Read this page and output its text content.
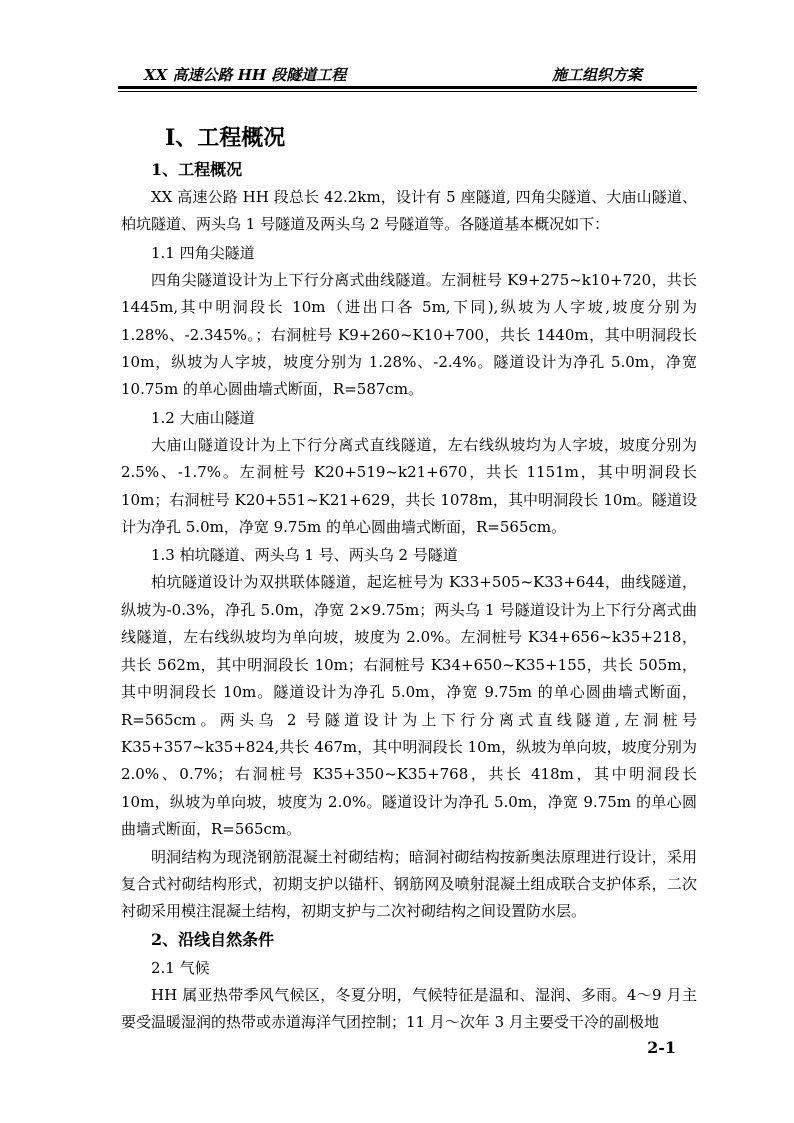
XX 高速公路 HH 段隧道工程	施工组织方案
Ⅰ、工程概况
1、工程概况

XX 高速公路 HH 段总长 42.2km，设计有 5 座隧道, 四角尖隧道、大庙山隧道、柏坑隧道、两头乌 1 号隧道及两头乌 2 号隧道等。各隧道基本概况如下：

1.1 四角尖隧道

四角尖隧道设计为上下行分离式曲线隧道。左洞桩号 K9+275~k10+720，共长 1445m,其中明洞段长 10m（进出口各 5m,下同),纵坡为人字坡,坡度分别为 1.28%、-2.345%。；右洞桩号 K9+260~K10+700，共长 1440m，其中明洞段长 10m，纵坡为人字坡，坡度分别为 1.28%、-2.4%。隧道设计为净孔 5.0m，净宽 10.75m 的单心圆曲墙式断面，R=587cm。

1.2 大庙山隧道

大庙山隧道设计为上下行分离式直线隧道，左右线纵坡均为人字坡，坡度分别为 2.5%、-1.7%。左洞桩号 K20+519~k21+670，共长 1151m，其中明洞段长 10m；右洞桩号 K20+551~K21+629，共长 1078m，其中明洞段长 10m。隧道设计为净孔 5.0m，净宽 9.75m 的单心圆曲墙式断面，R=565cm。

1.3 柏坑隧道、两头乌 1 号、两头乌 2 号隧道

柏坑隧道设计为双拱联体隧道，起迄桩号为 K33+505~K33+644，曲线隧道，纵坡为-0.3%，净孔 5.0m，净宽 2×9.75m；两头乌 1 号隧道设计为上下行分离式曲线隧道，左右线纵坡均为单向坡，坡度为 2.0%。左洞桩号 K34+656~k35+218，共长 562m，其中明洞段长 10m；右洞桩号 K34+650~K35+155，共长 505m，其中明洞段长 10m。隧道设计为净孔 5.0m，净宽 9.75m 的单心圆曲墙式断面，R=565cm。两头乌 2 号隧道设计为上下行分离式直线隧道,左洞桩号 K35+357~k35+824,共长 467m，其中明洞段长 10m，纵坡为单向坡，坡度分别为 2.0%、0.7%；右洞桩号 K35+350~K35+768，共长 418m，其中明洞段长 10m，纵坡为单向坡，坡度为 2.0%。隧道设计为净孔 5.0m，净宽 9.75m 的单心圆曲墙式断面，R=565cm。

明洞结构为现浇钢筋混凝土衬砌结构；暗洞衬砌结构按新奥法原理进行设计，采用复合式衬砌结构形式，初期支护以锚杆、钢筋网及喷射混凝土组成联合支护体系，二次衬砌采用模注混凝土结构，初期支护与二次衬砌结构之间设置防水层。

2、沿线自然条件
2.1 气候

HH 属亚热带季风气候区，冬夏分明，气候特征是温和、湿润、多雨。4～9 月主要受温暖湿润的热带或赤道海洋气团控制；11 月～次年 3 月主要受干冷的副极地

2-1
